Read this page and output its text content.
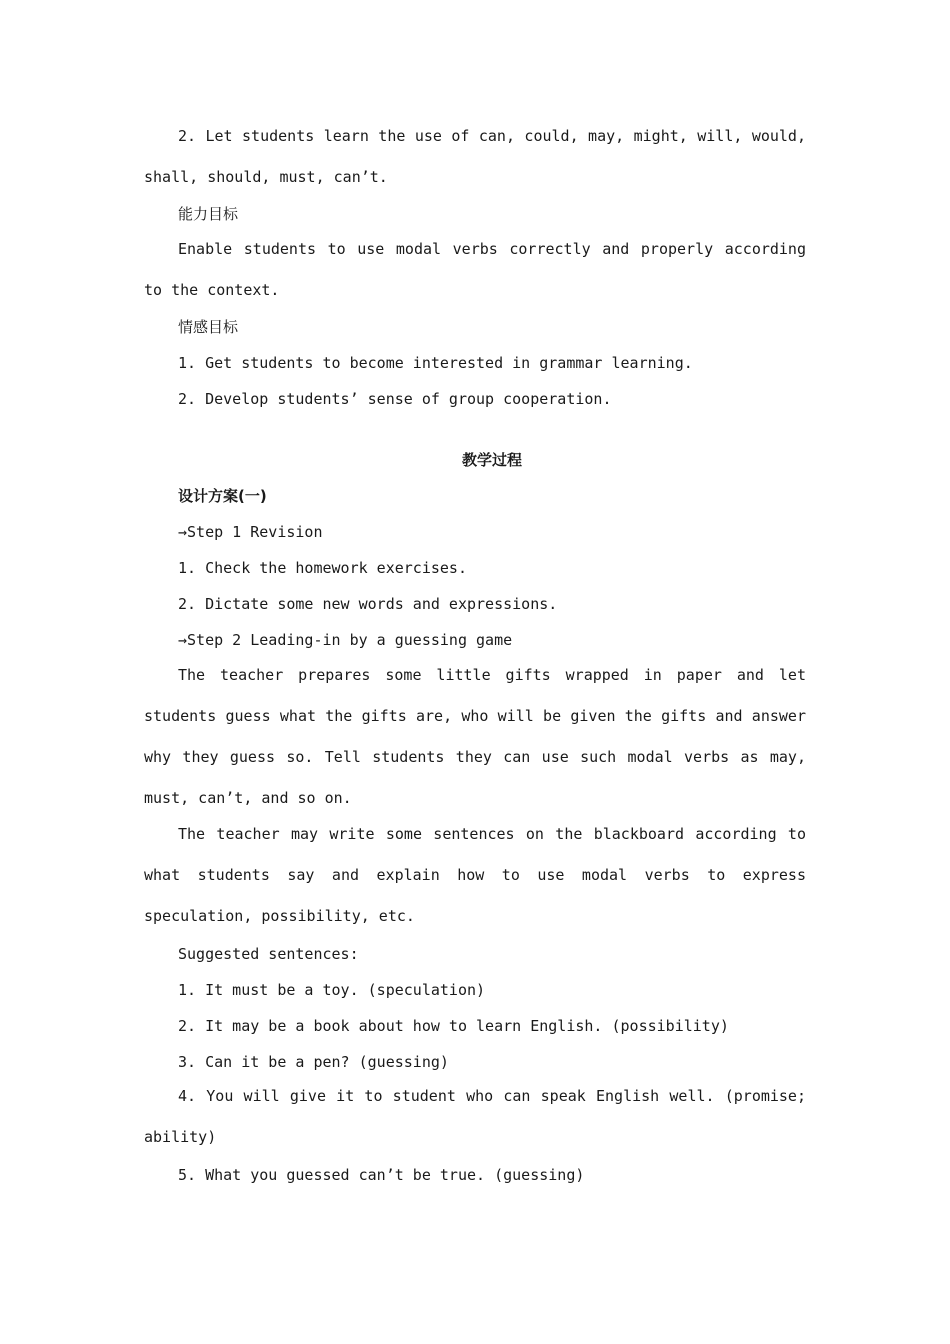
2. Let students learn the use of can, could, may, might, will, would, shall, should, must, can’t.

能力目标

Enable students to use modal verbs correctly and properly according to the context.

情感目标

1. Get students to become interested in grammar learning.

2. Develop students’ sense of group cooperation.

教学过程

设计方案(一)

→Step 1 Revision

1. Check the homework exercises.

2. Dictate some new words and expressions.

→Step 2 Leading-in by a guessing game

The teacher prepares some little gifts wrapped in paper and let students guess what the gifts are, who will be given the gifts and answer why they guess so. Tell students they can use such modal verbs as may, must, can’t, and so on.

The teacher may write some sentences on the blackboard according to what students say and explain how to use modal verbs to express speculation, possibility, etc.

Suggested sentences:

1. It must be a toy. (speculation)

2. It may be a book about how to learn English. (possibility)

3. Can it be a pen? (guessing)

4. You will give it to student who can speak English well. (promise; ability)

5. What you guessed can’t be true. (guessing)
